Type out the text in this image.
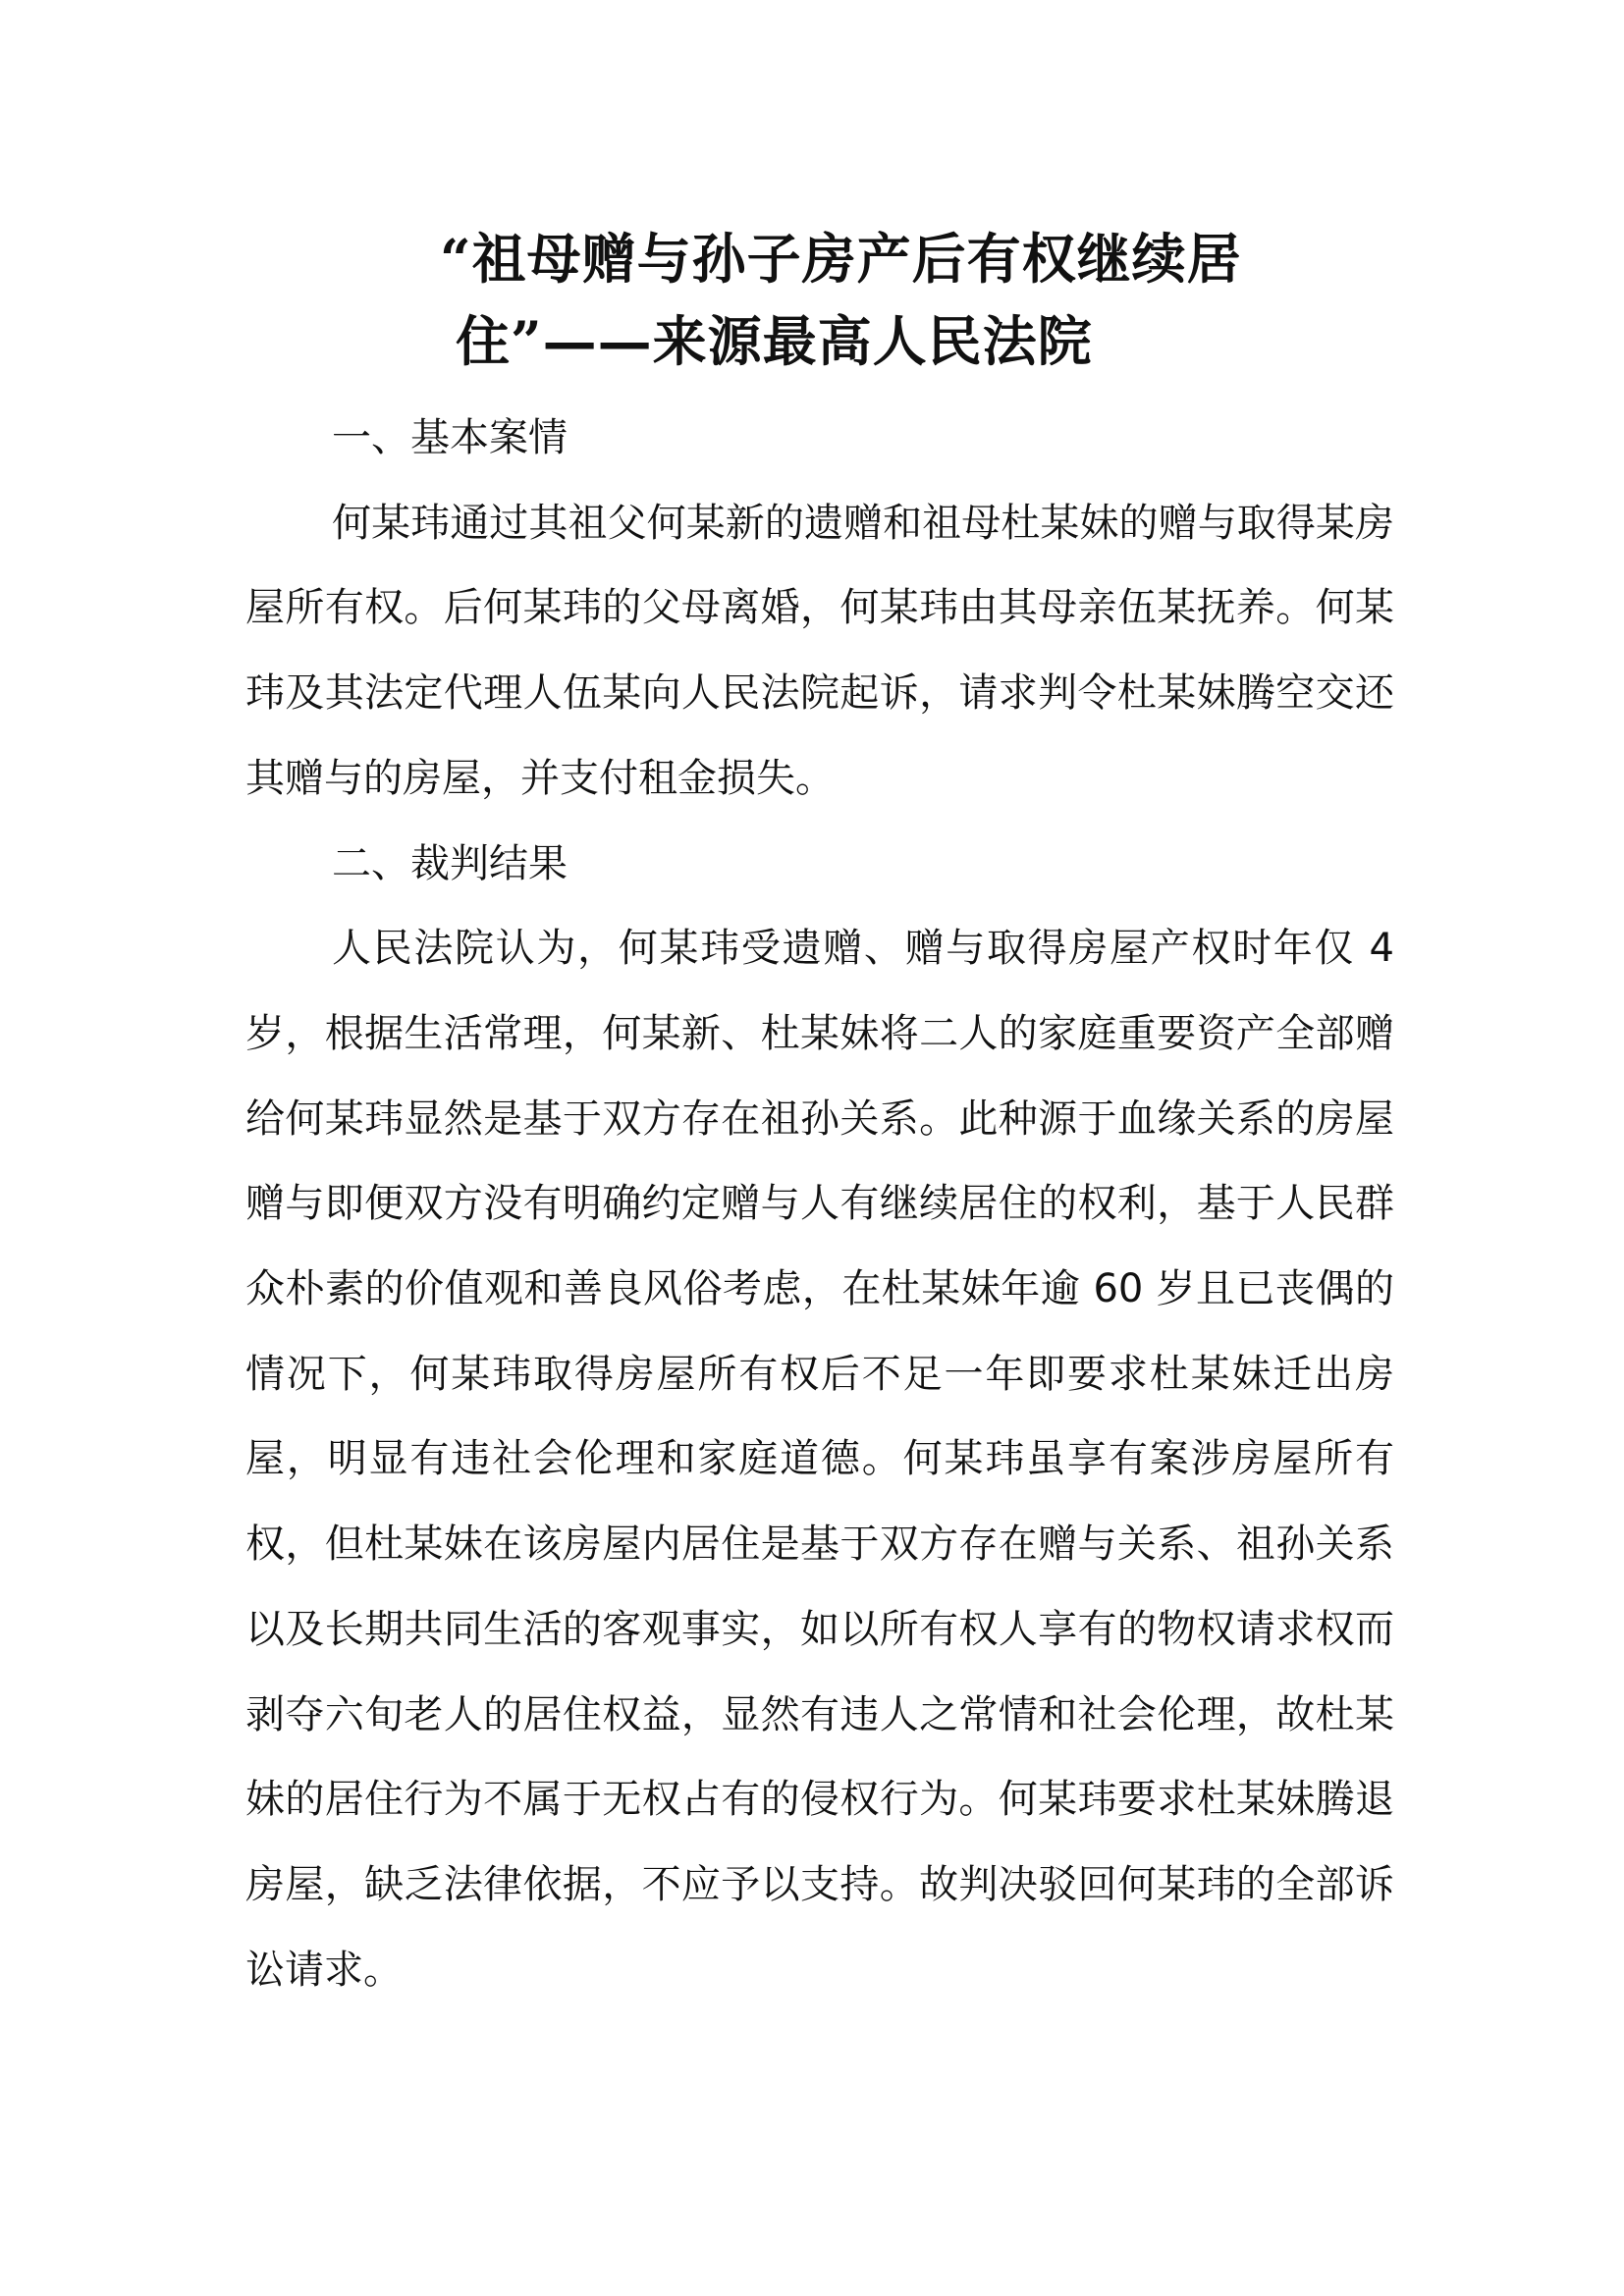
“祖母赠与孙子房产后有权继续居
住”——来源最高人民法院
一、基本案情

何某玮通过其祖父何某新的遗赠和祖母杜某妹的赠与取得某房屋所有权。后何某玮的父母离婚，何某玮由其母亲伍某抚养。何某玮及其法定代理人伍某向人民法院起诉，请求判令杜某妹腾空交还其赠与的房屋，并支付租金损失。

二、裁判结果

人民法院认为，何某玮受遗赠、赠与取得房屋产权时年仅 4 岁，根据生活常理，何某新、杜某妹将二人的家庭重要资产全部赠给何某玮显然是基于双方存在祖孙关系。此种源于血缘关系的房屋赠与即便双方没有明确约定赠与人有继续居住的权利，基于人民群众朴素的价值观和善良风俗考虑，在杜某妹年逾 60 岁且已丧偶的情况下，何某玮取得房屋所有权后不足一年即要求杜某妹迁出房屋，明显有违社会伦理和家庭道德。何某玮虽享有案涉房屋所有权，但杜某妹在该房屋内居住是基于双方存在赠与关系、祖孙关系以及长期共同生活的客观事实，如以所有权人享有的物权请求权而剥夺六旬老人的居住权益，显然有违人之常情和社会伦理，故杜某妹的居住行为不属于无权占有的侵权行为。何某玮要求杜某妹腾退房屋，缺乏法律依据，不应予以支持。故判决驳回何某玮的全部诉讼请求。
